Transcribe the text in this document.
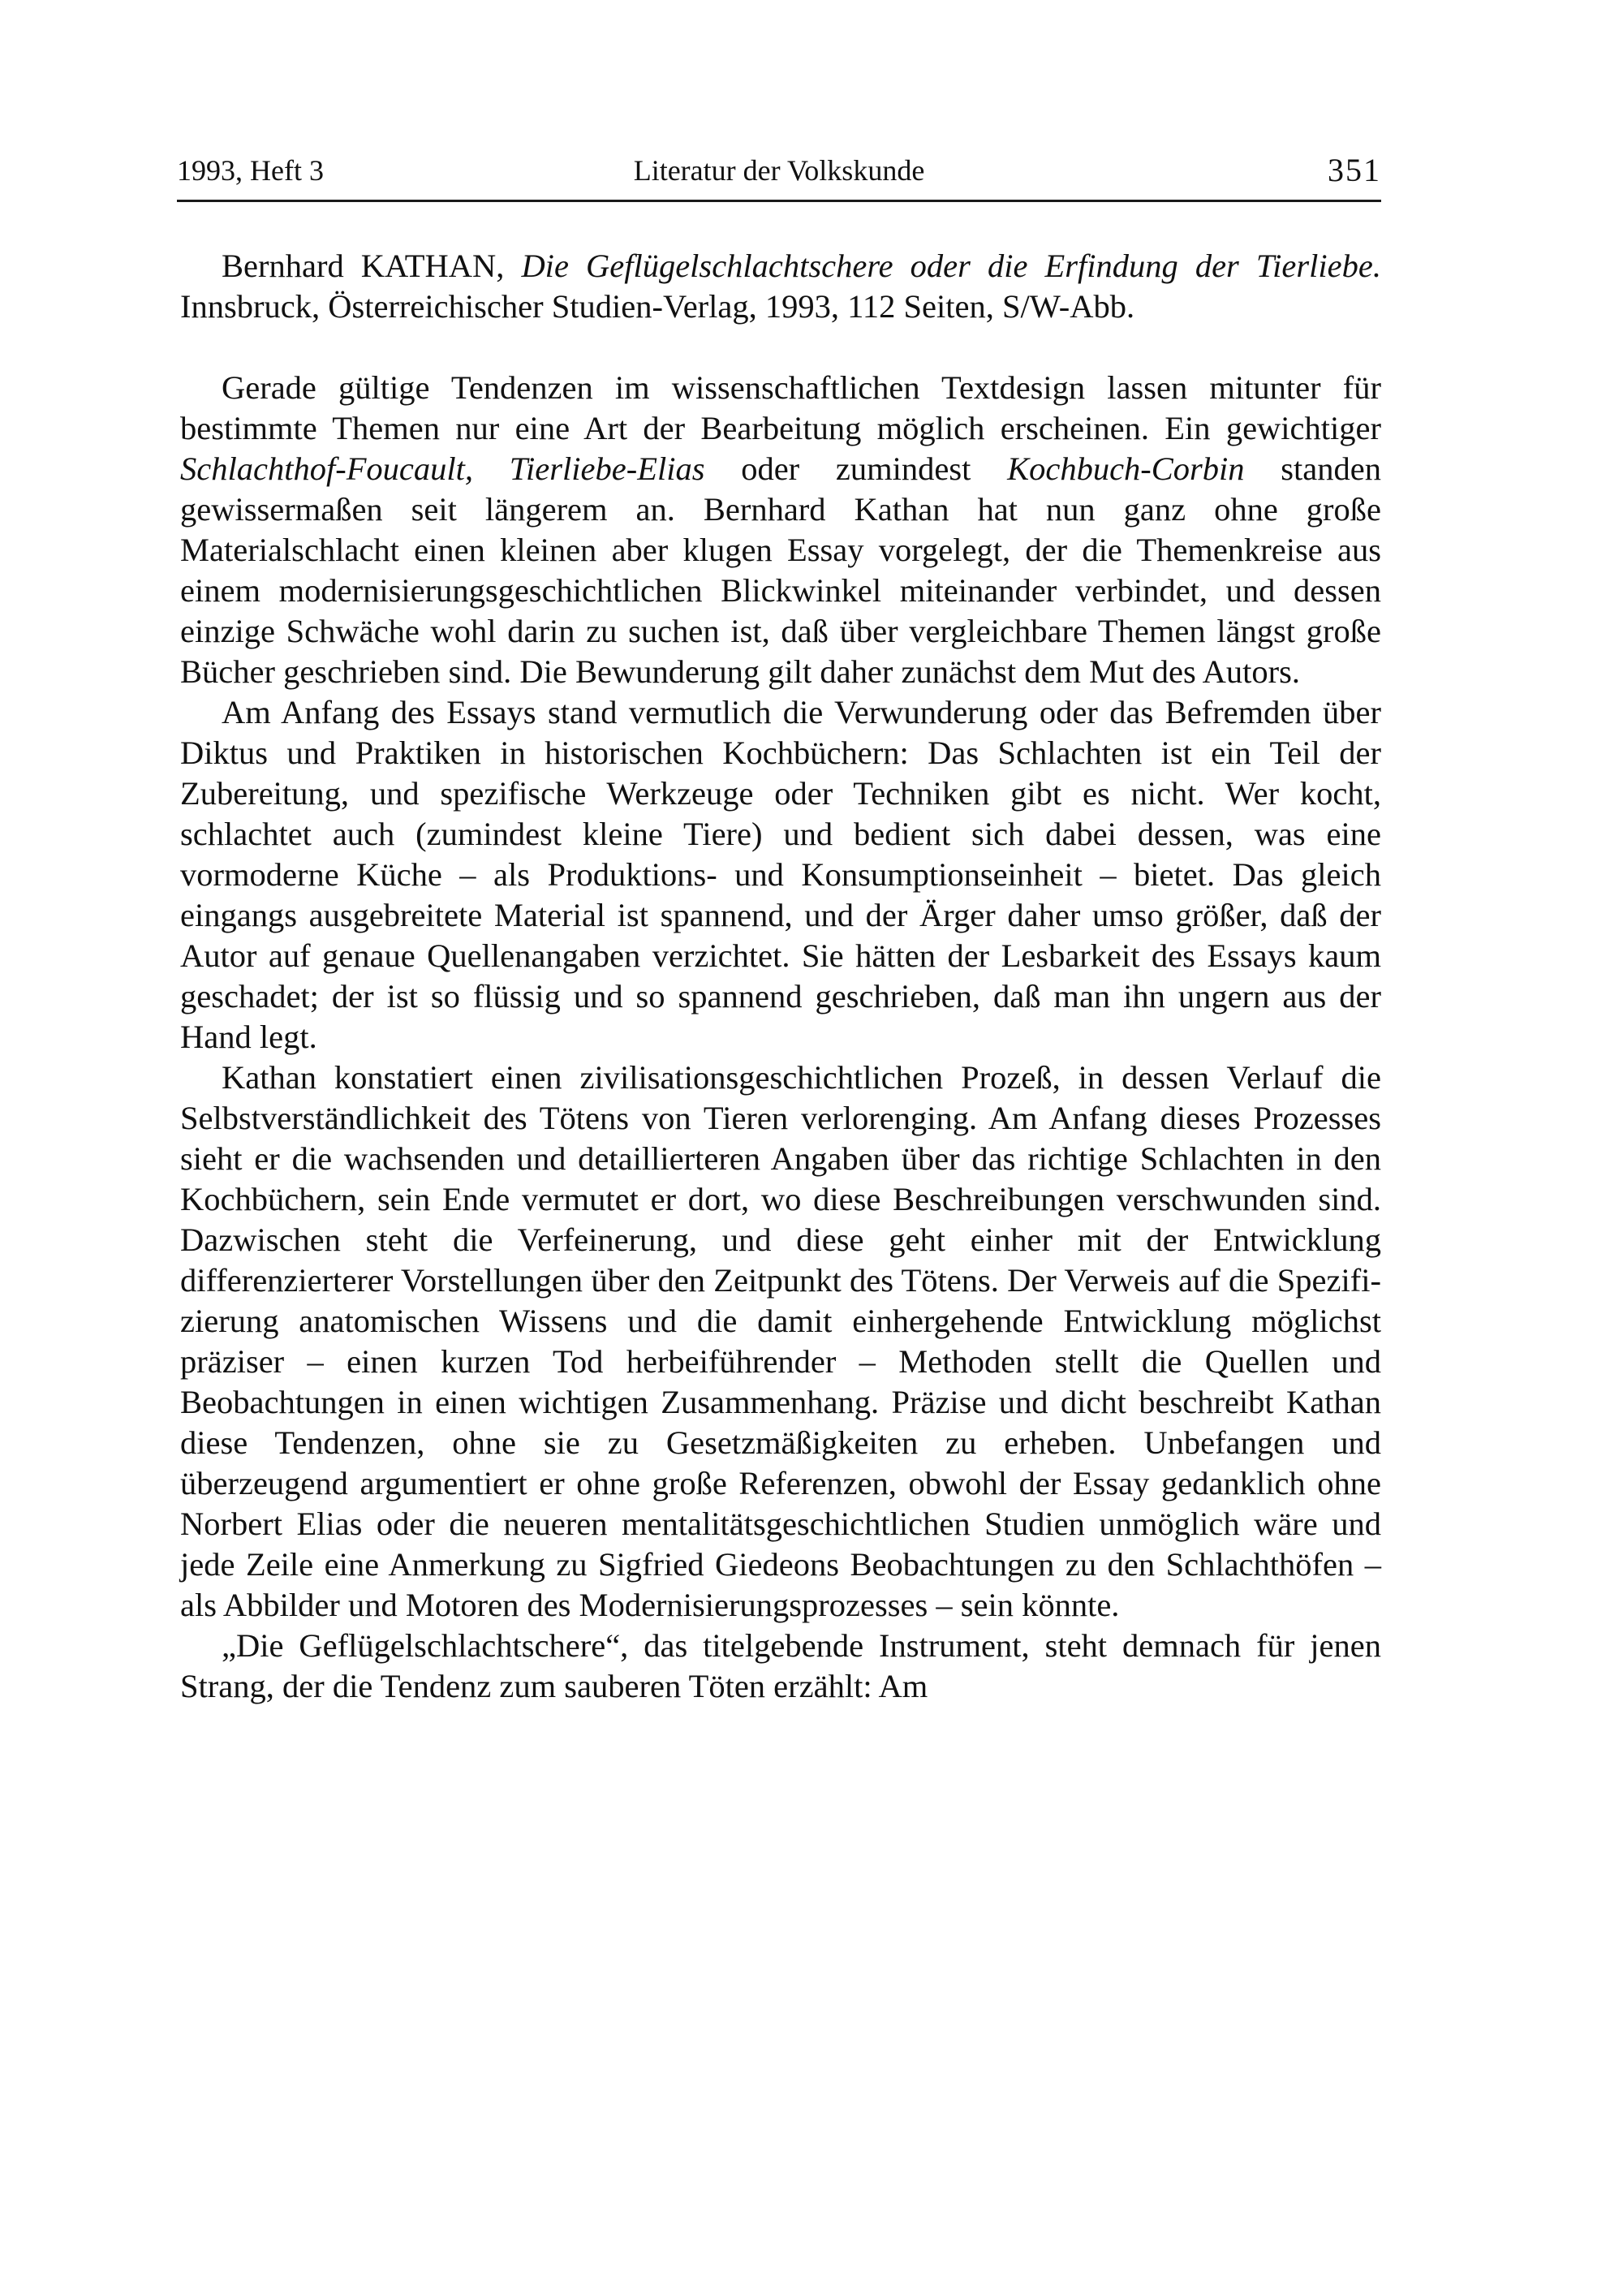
1993, Heft 3	Literatur der Volkskunde	351

Bernhard KATHAN, Die Geflügelschlachtschere oder die Erfindung der Tierliebe. Innsbruck, Österreichischer Studien-Verlag, 1993, 112 Seiten, S/W-Abb.

Gerade gültige Tendenzen im wissenschaftlichen Textdesign lassen mitunter für bestimmte Themen nur eine Art der Bearbeitung möglich erscheinen. Ein gewichtiger Schlachthof-Foucault, Tierliebe-Elias oder zumindest Kochbuch-Corbin standen gewissermaßen seit längerem an. Bernhard Kathan hat nun ganz ohne große Materialschlacht einen kleinen aber klugen Essay vorgelegt, der die Themenkreise aus einem modernisierungsgeschichtlichen Blickwinkel miteinander verbindet, und dessen einzige Schwäche wohl darin zu suchen ist, daß über vergleichbare Themen längst große Bücher geschrieben sind. Die Bewunderung gilt daher zunächst dem Mut des Autors.

Am Anfang des Essays stand vermutlich die Verwunderung oder das Befremden über Diktus und Praktiken in historischen Kochbüchern: Das Schlachten ist ein Teil der Zubereitung, und spezifische Werkzeuge oder Techniken gibt es nicht. Wer kocht, schlachtet auch (zumindest kleine Tiere) und bedient sich dabei dessen, was eine vormoderne Küche – als Produktions- und Konsumptionseinheit – bietet. Das gleich eingangs ausgebreitete Material ist spannend, und der Ärger daher umso größer, daß der Autor auf genaue Quellenangaben verzichtet. Sie hätten der Lesbarkeit des Essays kaum geschadet; der ist so flüssig und so spannend geschrieben, daß man ihn ungern aus der Hand legt.

Kathan konstatiert einen zivilisationsgeschichtlichen Prozeß, in dessen Verlauf die Selbstverständlichkeit des Tötens von Tieren verlorenging. Am Anfang dieses Prozesses sieht er die wachsenden und detaillierteren Angaben über das richtige Schlachten in den Kochbüchern, sein Ende vermutet er dort, wo diese Beschreibungen verschwunden sind. Dazwischen steht die Verfeinerung, und diese geht einher mit der Entwicklung differenzierterer Vorstellungen über den Zeitpunkt des Tötens. Der Verweis auf die Spezifizierung anatomischen Wissens und die damit einhergehende Entwicklung möglichst präziser – einen kurzen Tod herbeiführender – Methoden stellt die Quellen und Beobachtungen in einen wichtigen Zusammenhang. Präzise und dicht beschreibt Kathan diese Tendenzen, ohne sie zu Gesetzmäßigkeiten zu erheben. Unbefangen und überzeugend argumentiert er ohne große Referenzen, obwohl der Essay gedanklich ohne Norbert Elias oder die neueren mentalitätsgeschichtlichen Studien unmöglich wäre und jede Zeile eine Anmerkung zu Sigfried Giedeons Beobachtungen zu den Schlachthöfen – als Abbilder und Motoren des Modernisierungsprozesses – sein könnte.

„Die Geflügelschlachtschere“, das titelgebende Instrument, steht demnach für jenen Strang, der die Tendenz zum sauberen Töten erzählt: Am
